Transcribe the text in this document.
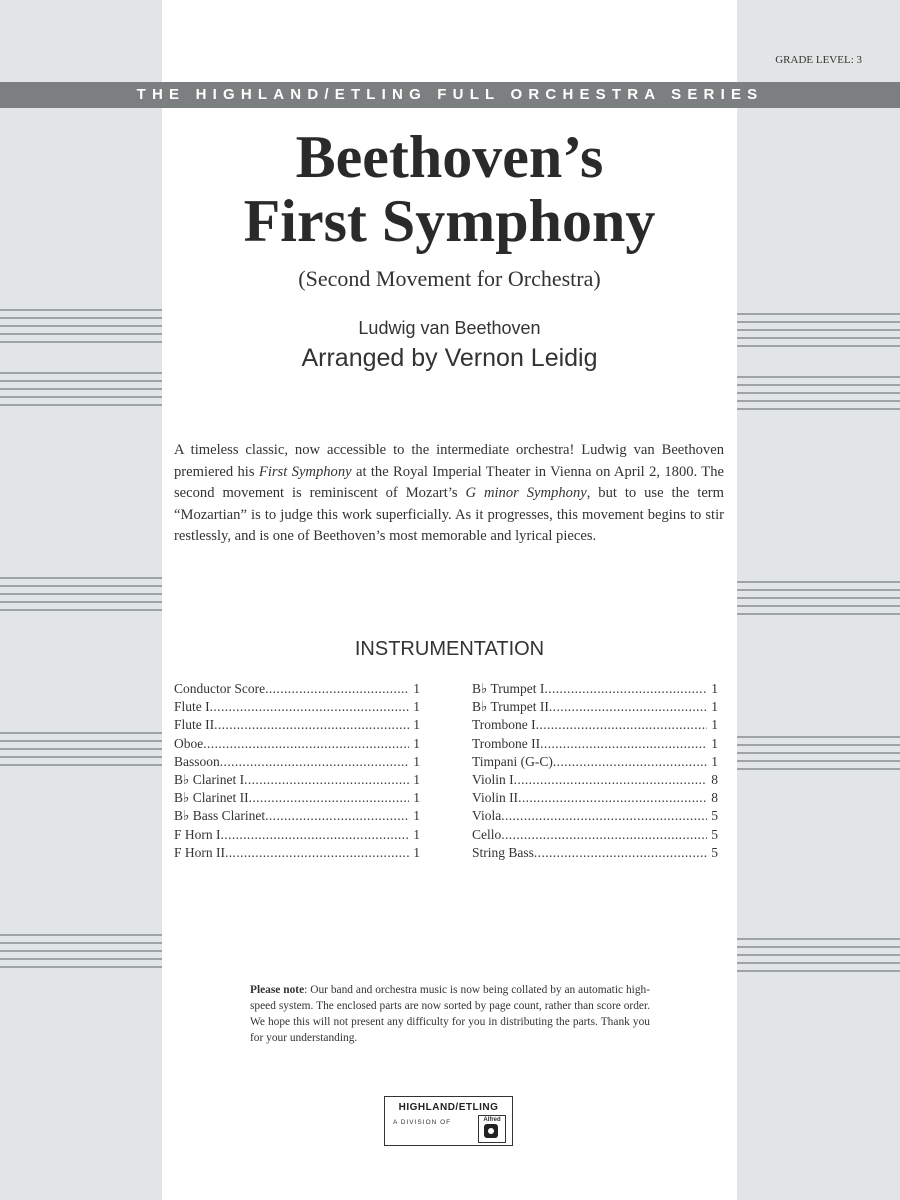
GRADE LEVEL: 3
THE HIGHLAND/ETLING FULL ORCHESTRA SERIES
Beethoven’s
First Symphony
(Second Movement for Orchestra)
Ludwig van Beethoven
Arranged by Vernon Leidig
A timeless classic, now accessible to the intermediate orchestra! Ludwig van Beethoven premiered his First Symphony at the Royal Imperial Theater in Vienna on April 2, 1800. The second movement is reminiscent of Mozart’s G minor Symphony, but to use the term “Mozartian” is to judge this work superficially. As it progresses, this movement begins to stir restlessly, and is one of Beethoven’s most memorable and lyrical pieces.
INSTRUMENTATION
Conductor Score .....	1
Flute I .....	1
Flute II .....	1
Oboe .....	1
Bassoon .....	1
B♭ Clarinet I .....	1
B♭ Clarinet II .....	1
B♭ Bass Clarinet .....	1
F Horn I .....	1
F Horn II .....	1
B♭ Trumpet I .....	1
B♭ Trumpet II .....	1
Trombone I .....	1
Trombone II .....	1
Timpani (G-C) .....	1
Violin I .....	8
Violin II .....	8
Viola .....	5
Cello .....	5
String Bass .....	5
Please note: Our band and orchestra music is now being collated by an automatic high-speed system. The enclosed parts are now sorted by page count, rather than score order. We hope this will not present any difficulty for you in distributing the parts. Thank you for your understanding.
HIGHLAND/ETLING
A DIVISION OF	Alfred
